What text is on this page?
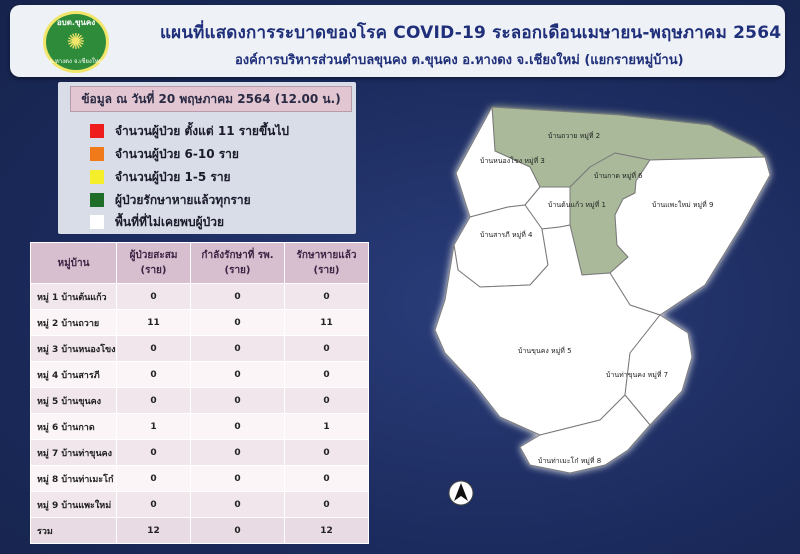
อบต.ขุนคง
✺
อ.หางดง จ.เชียงใหม่
แผนที่แสดงการระบาดของโรค COVID-19 ระลอกเดือนเมษายน-พฤษภาคม 2564
องค์การบริหารส่วนตำบลขุนคง ต.ขุนคง อ.หางดง จ.เชียงใหม่ (แยกรายหมู่บ้าน)
ข้อมูล ณ วันที่ 20 พฤษภาคม 2564 (12.00 น.)
จำนวนผู้ป่วย ตั้งแต่ 11 รายขึ้นไป
จำนวนผู้ป่วย 6-10 ราย
จำนวนผู้ป่วย 1-5 ราย
ผู้ป่วยรักษาหายแล้วทุกราย
พื้นที่ที่ไม่เคยพบผู้ป่วย
หมู่บ้าน	ผู้ป่วยสะสม (ราย)	กำลังรักษาที่ รพ. (ราย)	รักษาหายแล้ว (ราย)
หมู่ 1 บ้านต้นแก้ว	0	0	0
หมู่ 2 บ้านถวาย	11	0	11
หมู่ 3 บ้านหนองโขง	0	0	0
หมู่ 4 บ้านสารภี	0	0	0
หมู่ 5 บ้านขุนคง	0	0	0
หมู่ 6 บ้านกาด	1	0	1
หมู่ 7 บ้านท่าขุนคง	0	0	0
หมู่ 8 บ้านท่าเมะโก๋	0	0	0
หมู่ 9 บ้านแพะใหม่	0	0	0
รวม	12	0	12
บ้านถวาย หมู่ที่ 2
บ้านหนองโขง หมู่ที่ 3
บ้านกาด หมู่ที่ 6
บ้านต้นแก้ว หมู่ที่ 1	บ้านแพะใหม่ หมู่ที่ 9
บ้านสารภี หมู่ที่ 4
บ้านขุนคง หมู่ที่ 5
บ้านท่าขุนคง หมู่ที่ 7
บ้านท่าเมะโก๋ หมู่ที่ 8
